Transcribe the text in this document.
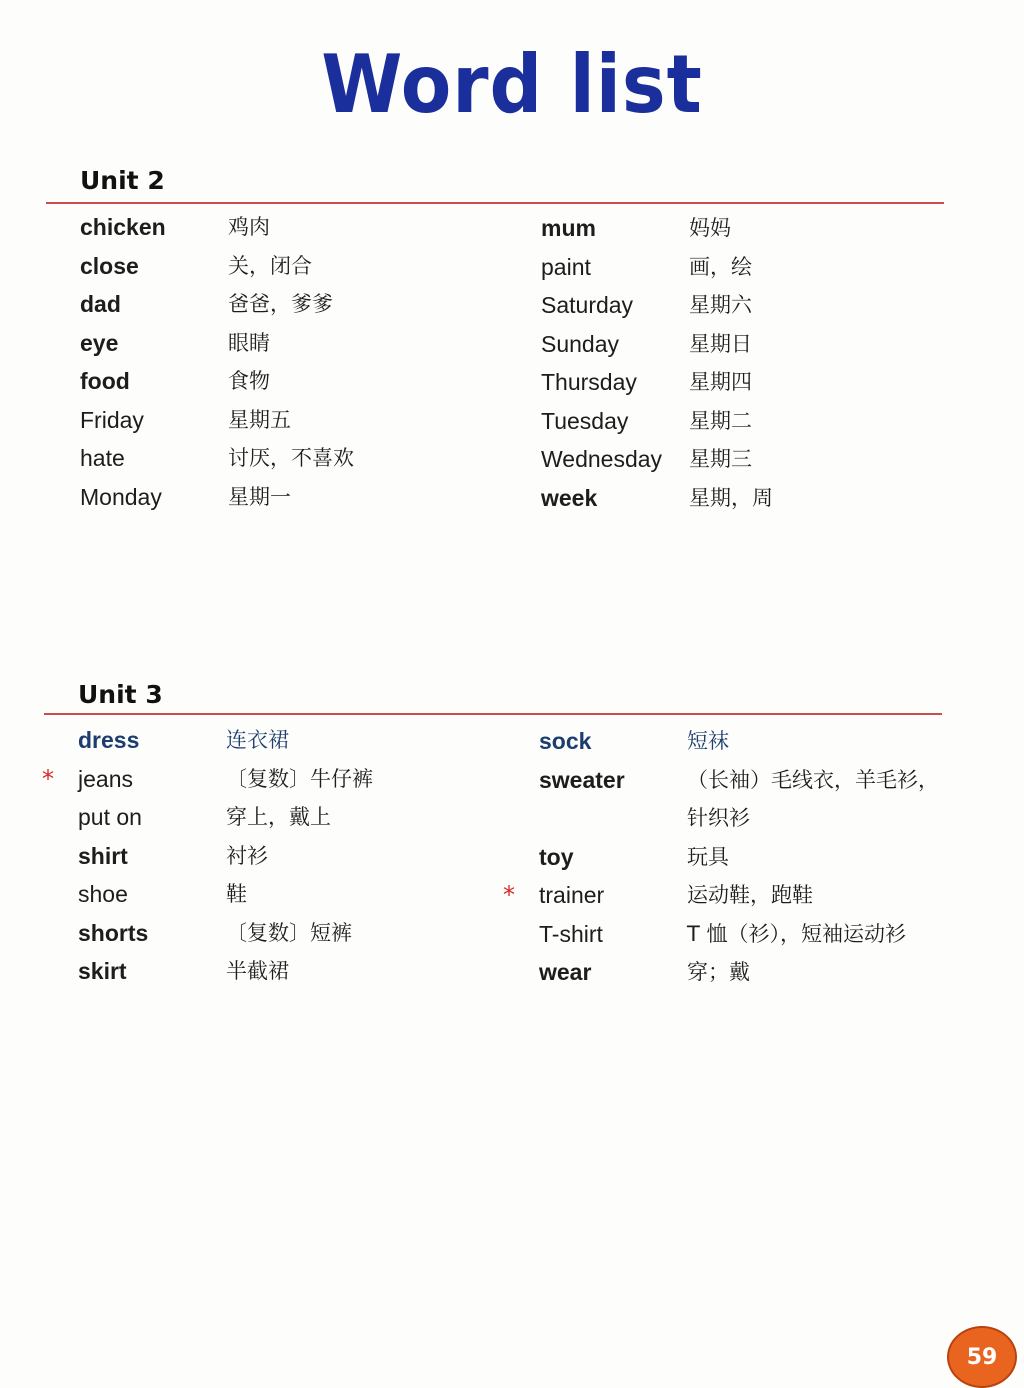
Word list
Unit 2
chicken	鸡肉
close	关，闭合
dad	爸爸，爹爹
eye	眼睛
food	食物
Friday	星期五
hate	讨厌，不喜欢
Monday	星期一
mum	妈妈
paint	画，绘
Saturday	星期六
Sunday	星期日
Thursday 星期四
Tuesday	星期二
Wednesday 星期三
week	星期，周
Unit 3
dress	连衣裙
* jeans	〔复数〕牛仔裤
put on	穿上，戴上
shirt	衬衫
shoe	鞋
shorts	〔复数〕短裤
skirt	半截裙
sock	短袜
sweater	（长袖）毛线衣，羊毛衫，
针织衫
toy	玩具
* trainer	运动鞋，跑鞋
T-shirt	T 恤（衫），短袖运动衫
wear	穿；戴
59
